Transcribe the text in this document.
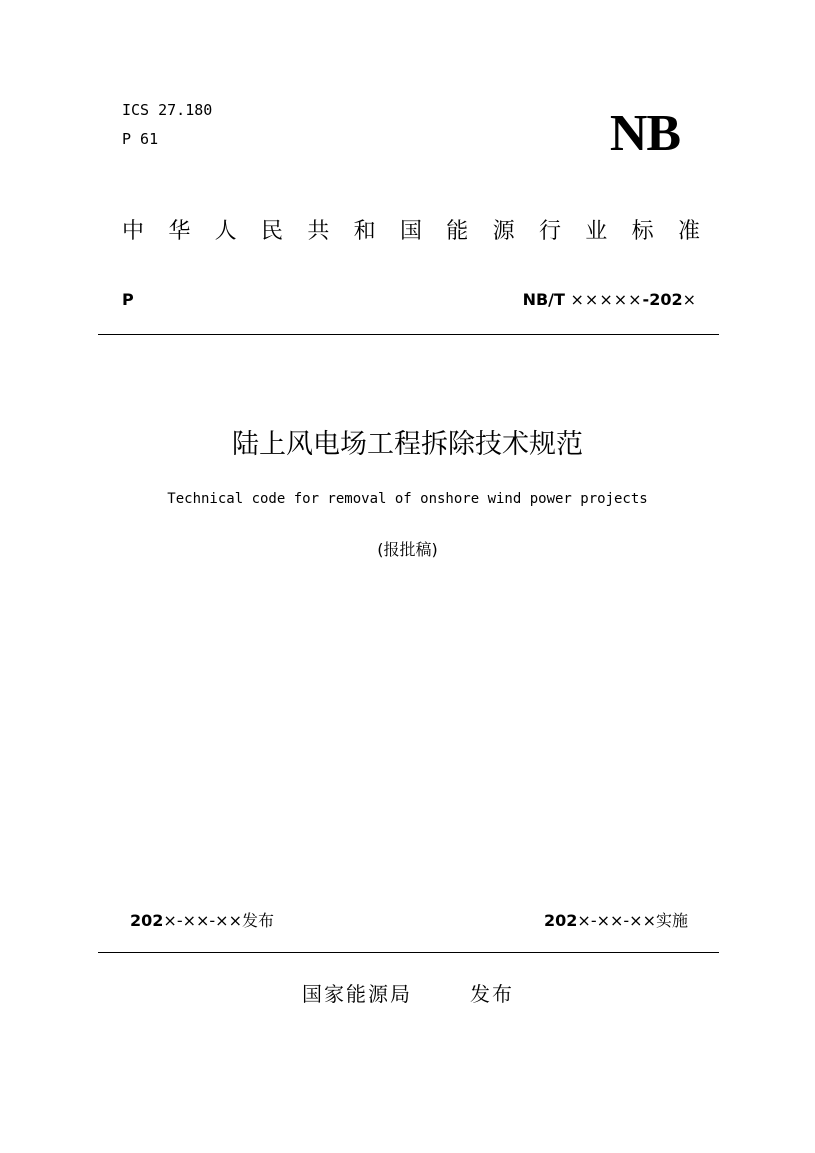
ICS 27.180
P 61	NB
中 华 人 民 共 和 国 能 源 行 业 标 准
P	NB/T ×××××-202×
陆上风电场工程拆除技术规范
Technical code for removal of onshore wind power projects
(报批稿)
202×-××-××发布	202×-××-××实施
国家能源局	发布
